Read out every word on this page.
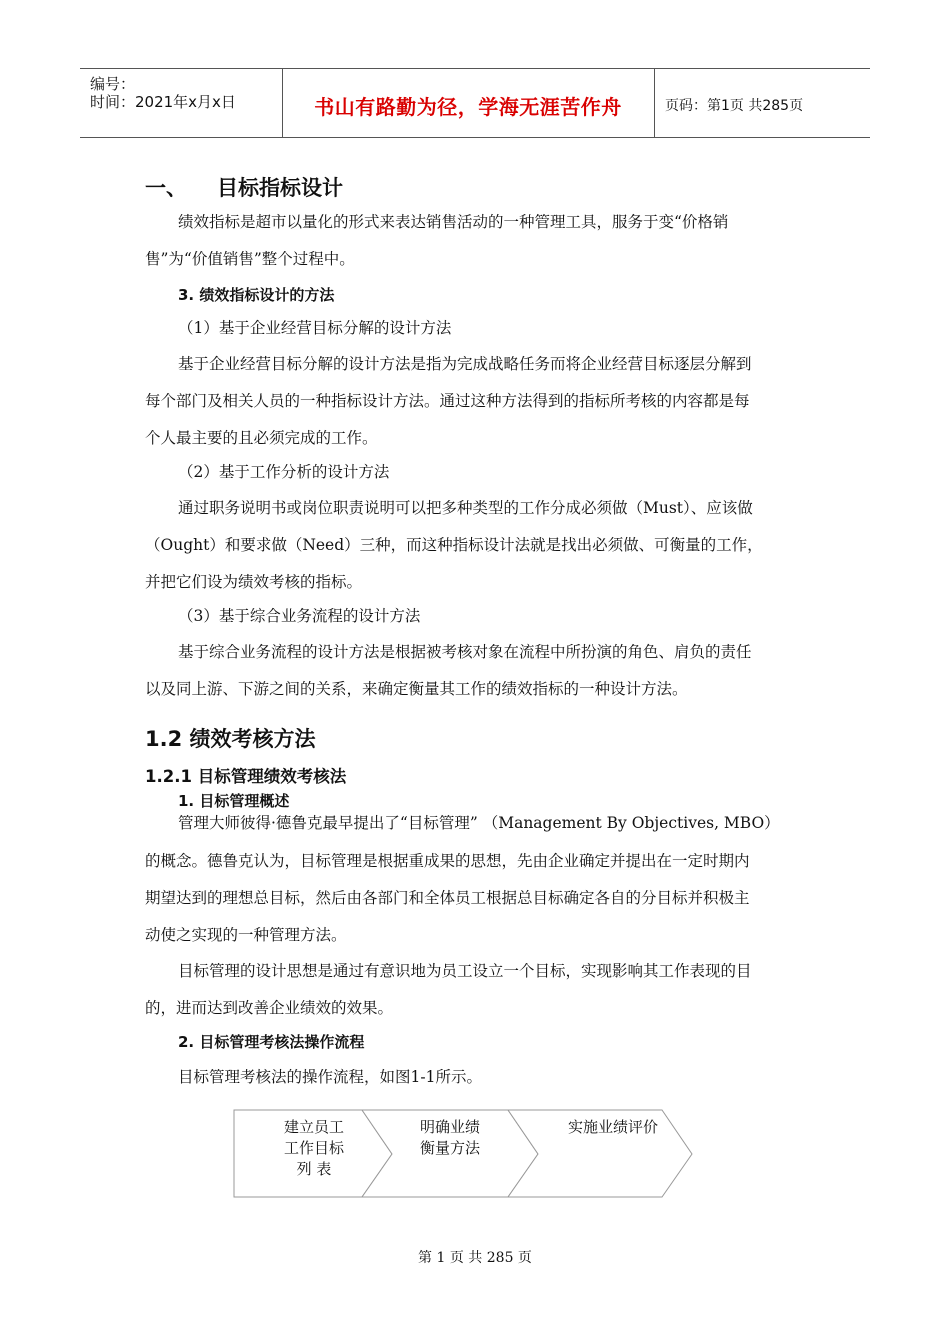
编号：
时间：2021年x月x日	书山有路勤为径，学海无涯苦作舟	页码：第1页 共285页
一、 目标指标设计
绩效指标是超市以量化的形式来表达销售活动的一种管理工具，服务于变“价格销
售”为“价值销售”整个过程中。
3. 绩效指标设计的方法
（1）基于企业经营目标分解的设计方法
基于企业经营目标分解的设计方法是指为完成战略任务而将企业经营目标逐层分解到
每个部门及相关人员的一种指标设计方法。通过这种方法得到的指标所考核的内容都是每
个人最主要的且必须完成的工作。
（2）基于工作分析的设计方法
通过职务说明书或岗位职责说明可以把多种类型的工作分成必须做（Must）、应该做
（Ought）和要求做（Need）三种，而这种指标设计法就是找出必须做、可衡量的工作，
并把它们设为绩效考核的指标。
（3）基于综合业务流程的设计方法
基于综合业务流程的设计方法是根据被考核对象在流程中所扮演的角色、肩负的责任
以及同上游、下游之间的关系，来确定衡量其工作的绩效指标的一种设计方法。
1.2 绩效考核方法
1.2.1 目标管理绩效考核法
1. 目标管理概述
管理大师彼得·德鲁克最早提出了“目标管理” （Management By Objectives, MBO）
的概念。德鲁克认为，目标管理是根据重成果的思想，先由企业确定并提出在一定时期内
期望达到的理想总目标，然后由各部门和全体员工根据总目标确定各自的分目标并积极主
动使之实现的一种管理方法。
目标管理的设计思想是通过有意识地为员工设立一个目标，实现影响其工作表现的目
的，进而达到改善企业绩效的效果。
2. 目标管理考核法操作流程
目标管理考核法的操作流程，如图1-1所示。
建立员工
工作目标
列 表
明确业绩
衡量方法
实施业绩评价
第 1 页 共 285 页
